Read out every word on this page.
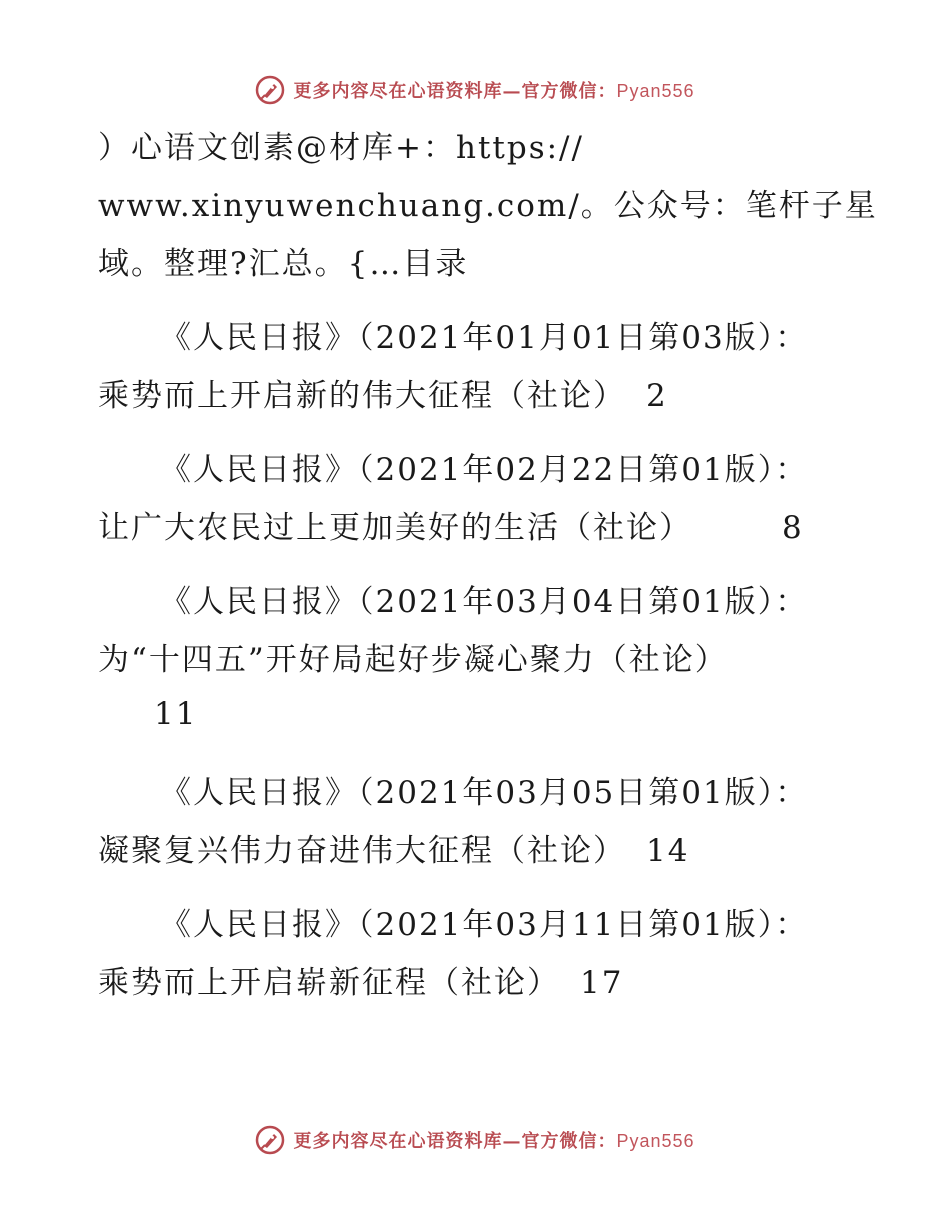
更多内容尽在心语资料库—官方微信：Pyan556
）心语文创素@材库+：https://
www.xinyuwenchuang.com/。公众号：笔杆子星
域。整理?汇总。{…目录
《人民日报》（2021年01月01日第03版）：
乘势而上开启新的伟大征程（社论） 2
《人民日报》（2021年02月22日第01版）：
让广大农民过上更加美好的生活（社论）	8
《人民日报》（2021年03月04日第01版）：
为“十四五”开好局起好步凝心聚力（社论）
11
《人民日报》（2021年03月05日第01版）：
凝聚复兴伟力奋进伟大征程（社论） 14
《人民日报》（2021年03月11日第01版）：
乘势而上开启崭新征程（社论） 17
更多内容尽在心语资料库—官方微信：Pyan556
